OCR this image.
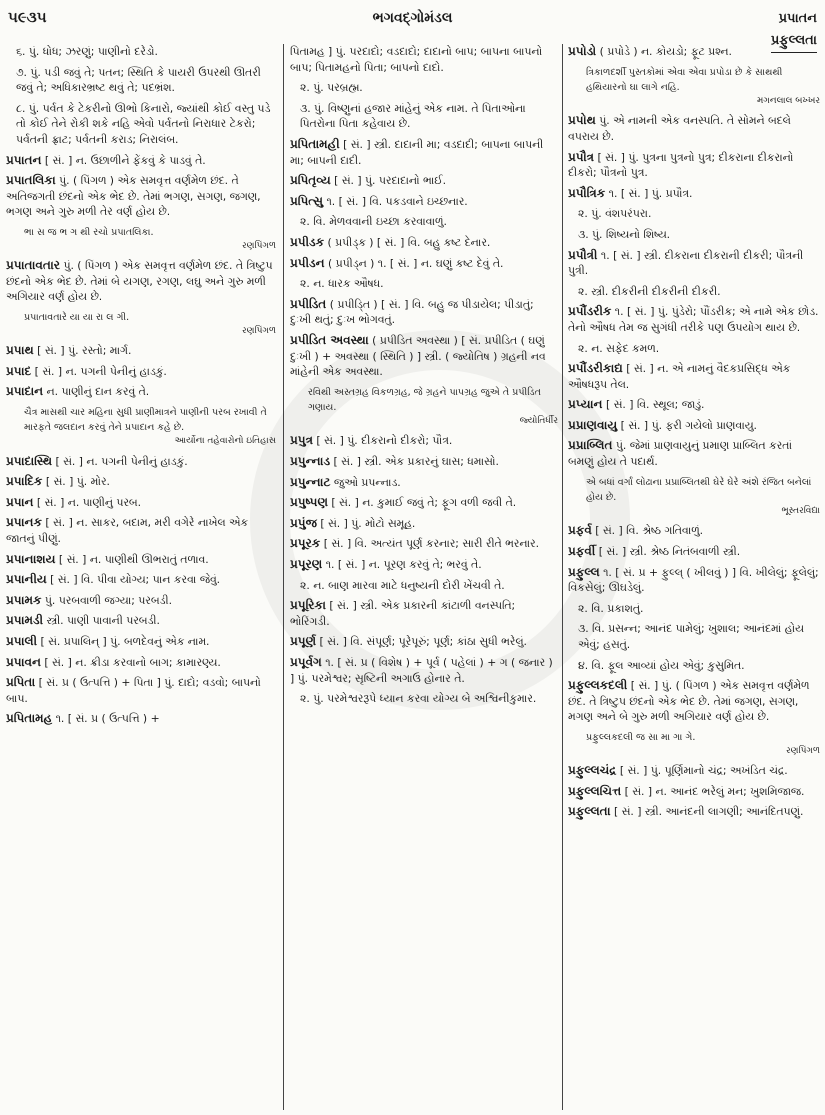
૫૯૩૫	ભગવદ્ગોમંડલ	પ્રપાતન
પ્રફુલ્લતા
૬. પું. ધોધ; ઝરણું; પાણીનો દરેડો.
૭. પું. પડી જવું તે; પતન; સ્થિતિ કે પાયરી ઉપરથી ઊતરી જવું તે; અધિકારભ્રષ્ટ થવું તે; પદભ્રંશ.
૮. પું. પર્વત કે ટેકરીનો ઊભો કિનારો, જ્યાંથી કોઈ વસ્તુ પડે તો કોઈ તેને રોકી શકે નહિ એવો પર્વતનો નિરાધાર ટેકરો; પર્વતની ફ્રાટ; પર્વતની કરાડ; નિરાલંબ.
પ્રપાતન [ સં. ] ન. ઉછાળીને ફેંકવું કે પાડવું તે.
પ્રપાતલિકા પું. ( પિંગળ ) એક સમવૃત્ત વર્ણમેળ છંદ. તે અતિજગતી છંદનો એક ભેદ છે. તેમાં ભગણ, સગણ, જગણ, ભગણ અને ગુરુ મળી તેર વર્ણ હોય છે.
ભા સ જ ભ ગ થી રચો પ્રપાતલિકા.
રણપિંગળ
પ્રપાતાવતાર પું. ( પિંગળ ) એક સમવૃત્ત વર્ણમેળ છંદ. તે ત્રિષ્ટુપ છંદનો એક ભેદ છે. તેમાં બે યગણ, રગણ, લઘુ અને ગુરુ મળી અગિયાર વર્ણ હોય છે.
પ્રપાતાવતારે યા યા રા લ ગી.
રણપિંગળ
પ્રપાથ [ સં. ] પું. રસ્તો; માર્ગ.
પ્રપાદ [ સં. ] ન. પગની પેનીનું હાડકું.
પ્રપાદાન ન. પાણીનું દાન કરવું તે.
ચૈત્ર માસથી ચાર મહિના સુધી પ્રાણીમાત્રને પાણીની પરબ રખાવી તે મારફતે જલદાન કરવું તેને પ્રપાદાન કહે છે.
આર્યોના તહેવારોનો ઇતિહાસ
પ્રપાદાસ્થિ [ સં. ] ન. પગની પેનીનું હાડકું.
પ્રપાદિક [ સં. ] પું. મોર.
પ્રપાન [ સં. ] ન. પાણીનું પરબ.
પ્રપાનક [ સં. ] ન. સાકર, બદામ, મરી વગેરે નાખેલ એક જાતનું પીણું.
પ્રપાનાશય [ સં. ] ન. પાણીથી ઊભરાતું તળાવ.
પ્રપાનીય [ સં. ] વિ. પીવા યોગ્ય; પાન કરવા જેવું.
પ્રપામક પું. પરબવાળી જગ્યા; પરબડી.
પ્રપામડી સ્ત્રી. પાણી પાવાની પરબડી.
પ્રપાલી [ સં. પ્રપાલિન્ ] પું. બળદેવનું એક નામ.
પ્રપાવન [ સં. ] ન. ક્રીડા કરવાનો બાગ; કામારણ્ય.
પ્રપિતા [ સં. પ્ર ( ઉત્પત્તિ ) + પિતા ] પું. દાદો; વડવો; બાપનો બાપ.
પ્રપિતામહ ૧. [ સં. પ્ર ( ઉત્પત્તિ ) +
પિતામહ ] પું. પરદાદો; વડદાદો; દાદાનો બાપ; બાપના બાપનો બાપ; પિતામહનો પિતા; બાપનો દાદો.
૨. પું. પરબ્રહ્મ.
૩. પું. વિષ્ણુનાં હજાર માંહેનું એક નામ. તે પિતાઓના પિતરોના પિતા કહેવાય છે.
પ્રપિતામહી [ સં. ] સ્ત્રી. દાદાની મા; વડદાદી; બાપના બાપની મા; બાપની દાદી.
પ્રપિતૃવ્ય [ સં. ] પું. પરદાદાનો ભાઈ.
પ્રપિત્સુ ૧. [ સં. ] વિ. પકડવાને ઇચ્છનાર.
૨. વિ. મેળવવાની ઇચ્છા કરવાવાળું.
પ્રપીડક ( પ્રપીડ્ક ) [ સં. ] વિ. બહુ કષ્ટ દેનાર.
પ્રપીડન ( પ્રપીડ્ન ) ૧. [ સં. ] ન. ઘણું કષ્ટ દેવું તે.
૨. ન. ધારક ઔષધ.
પ્રપીડિત ( પ્રપીડ્તિ ) [ સં. ] વિ. બહુ જ પીડાયેલ; પીડાતું; દુઃખી થતું; દુઃખ ભોગવતું.
પ્રપીડિત અવસ્થા ( પ્રપીડિત અવસ્થા ) [ સં. પ્રપીડિત ( ઘણું દુઃખી ) + અવસ્થા ( સ્થિતિ ) ] સ્ત્રી. ( જ્યોતિષ ) ગ્રહની નવ માંહેની એક અવસ્થા.
રવિથી અસ્તગ્રહ વિકળગ્રહ, જે ગ્રહને પાપગ્રહ જુએ તે પ્રપીડિત ગણાય.
જ્યોતિર્ધીર
પ્રપુત્ર [ સં. ] પું. દીકરાનો દીકરો; પૌત્ર.
પ્રપુન્નાડ [ સં. ] સ્ત્રી. એક પ્રકારનું ઘાસ; ધમાસો.
પ્રપુન્નાટ જુઓ પ્રપન્નાડ.
પ્રપુષ્પણ [ સં. ] ન. કુમાઈ જવું તે; ફૂગ વળી જવી તે.
પ્રપુંજ [ સં. ] પું. મોટો સમૂહ.
પ્રપૂરક [ સં. ] વિ. અત્યંત પૂર્ણ કરનાર; સારી રીતે ભરનાર.
પ્રપૂરણ ૧. [ સં. ] ન. પૂરણ કરવું તે; ભરવું તે.
૨. ન. બાણ મારવા માટે ધનુષ્યની દોરી ખેંચવી તે.
પ્રપૂરિકા [ સં. ] સ્ત્રી. એક પ્રકારની કાંટાળી વનસ્પતિ; ભોરિંગડી.
પ્રપૂર્ણ [ સં. ] વિ. સંપૂર્ણ; પૂરેપૂરું; પૂર્ણ; કાંઠા સુધી ભરેલું.
પ્રપૂર્વગ ૧. [ સં. પ્ર ( વિશેષ ) + પૂર્વ ( પહેલાં ) + ગ ( જનાર ) ] પું. પરમેશ્વર; સૃષ્ટિની અગાઉ હોનાર તે.
૨. પું. પરમેશ્વરરૂપે ધ્યાન કરવા યોગ્ય બે અશ્વિનીકુમાર.
પ્રપોડો ( પ્રપોડે ) ન. કોયડો; ફૂટ પ્રશ્ન.
ત્રિકાળદર્શી પુસ્તકોમાં એવા એવા પ્રપોડા છે કે સાથથી હથિયારનો ઘા લાગે નહિ.
મગનલાલ બખ્ખર
પ્રપોથ પું. એ નામની એક વનસ્પતિ. તે સોમને બદલે વપરાય છે.
પ્રપૌત્ર [ સં. ] પું. પુત્રના પુત્રનો પુત્ર; દીકરાના દીકરાનો દીકરો; પૌત્રનો પુત્ર.
પ્રપૌત્રિક ૧. [ સં. ] પું. પ્રપૌત્ર.
૨. પું. વંશપરંપરા.
૩. પું. શિષ્યનો શિષ્ય.
પ્રપૌત્રી ૧. [ સં. ] સ્ત્રી. દીકરાના દીકરાની દીકરી; પૌત્રની પુત્રી.
૨. સ્ત્રી. દીકરીની દીકરીની દીકરી.
પ્રપૌંડરીક ૧. [ સં. ] પું. પુંડેરો; પૌંડરીક; એ નામે એક છોડ. તેનો ઔષધ તેમ જ સુગંધી તરીકે પણ ઉપયોગ થાય છે.
૨. ન. સફેદ કમળ.
પ્રપૌંડરીકાદ્ય [ સં. ] ન. એ નામનું વૈદકપ્રસિદ્ધ એક ઔષધરૂપ તેલ.
પ્રપ્યાન [ સં. ] વિ. સ્થૂલ; જાડું.
પ્રપ્રાણવાયુ [ સં. ] પું. ફરી ગયેલો પ્રાણવાયુ.
પ્રપ્રાબ્લિત પું. જેમાં પ્રાણવાયુનું પ્રમાણ પ્રાબ્લિત કરતાં બમણું હોય તે પદાર્થ.
એ બધાં વર્ગાં લોઢાના પ્રપ્રાબ્લિતથી ઘેરે ઘેરે અંશે રંજિત બનેલાં હોય છે.
ભૂસ્તરવિદ્યા
પ્રફર્વ [ સં. ] વિ. શ્રેષ્ઠ ગતિવાળું.
પ્રફર્વી [ સં. ] સ્ત્રી. શ્રેષ્ઠ નિતંબવાળી સ્ત્રી.
પ્રફુલ્લ ૧. [ સં. પ્ર + ફુલ્લ્ ( ખીલવું ) ] વિ. ખીલેલું; ફૂલેલું; વિકસેલું; ઊઘડેલું.
૨. વિ. પ્રકાશતું.
૩. વિ. પ્રસન્ન; આનંદ પામેલું; ખુશાલ; આનંદમાં હોય એવું; હસતું.
૪. વિ. ફૂલ આવ્યાં હોય એવું; કુસુમિત.
પ્રફુલ્લકદલી [ સં. ] પું. ( પિંગળ ) એક સમવૃત્ત વર્ણમેળ છંદ. તે ત્રિષ્ટુપ છંદનો એક ભેદ છે. તેમાં જગણ, સગણ, મગણ અને બે ગુરુ મળી અગિયાર વર્ણ હોય છે.
પ્રફુલ્લકદલી જ સા મા ગા ગે.
રણપિંગળ
પ્રફુલ્લચંદ્ર [ સં. ] પું. પૂર્ણિમાનો ચંદ્ર; અખંડિત ચંદ્ર.
પ્રફુલ્લચિત્ત [ સં. ] ન. આનંદ ભરેલું મન; ખુશમિજાજ.
પ્રફુલ્લતા [ સં. ] સ્ત્રી. આનંદની લાગણી; આનંદિતપણું.
